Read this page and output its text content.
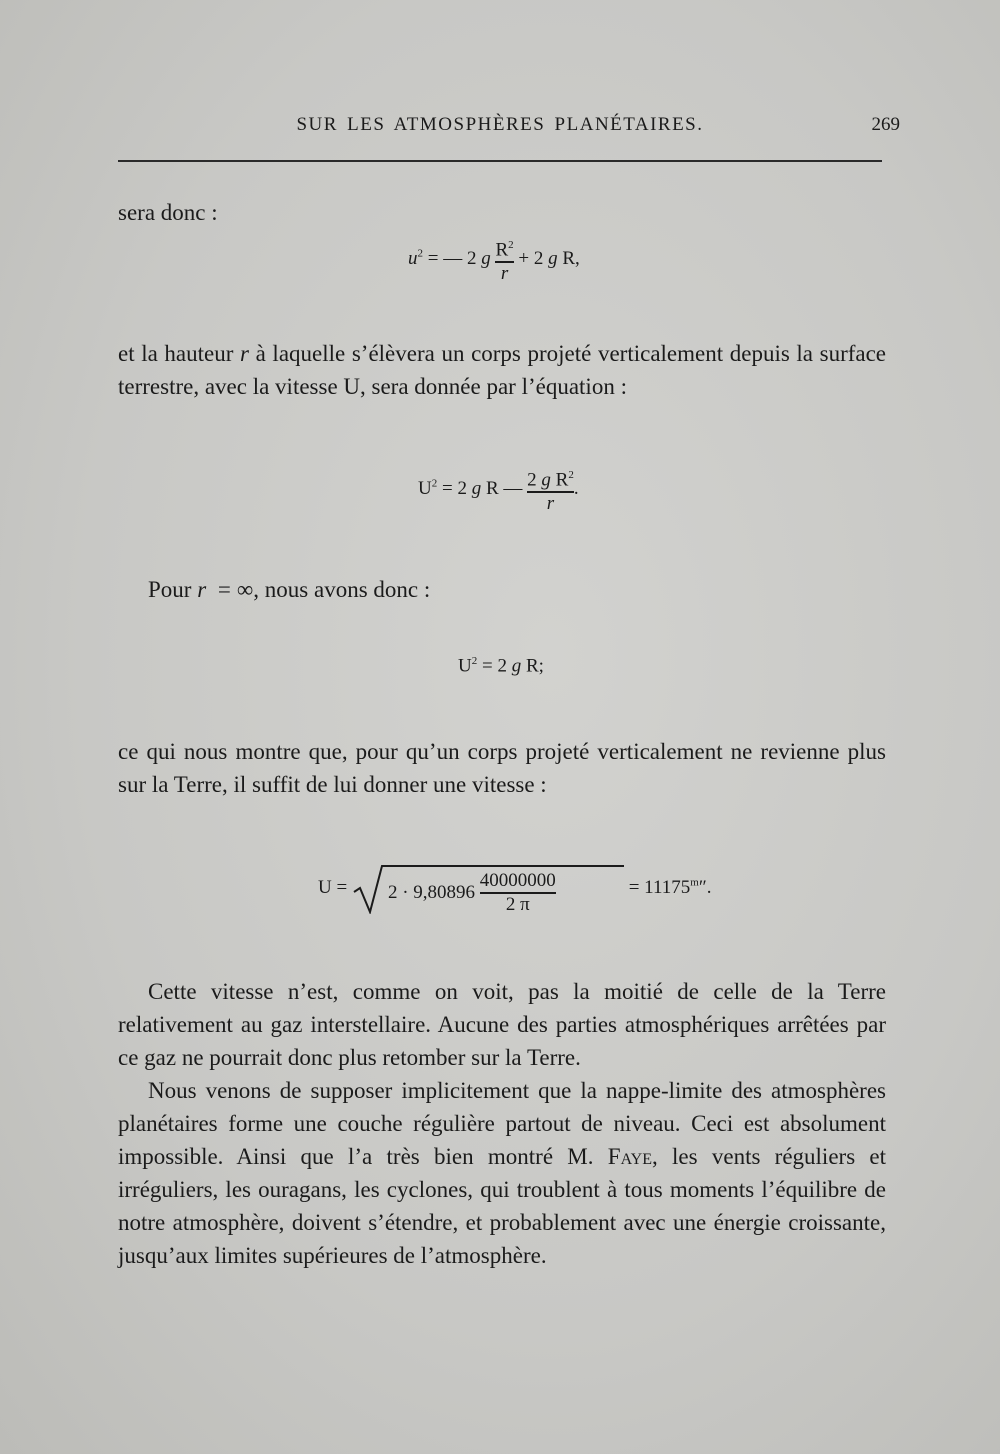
SUR LES ATMOSPHÈRES PLANÉTAIRES.	269
sera donc :
$u^2$ = — 2 g $\frac{R^2}{r} + 2$ g R,
et la hauteur r à laquelle s’élèvera un corps projeté verticalement depuis la surface terrestre, avec la vitesse U, sera donnée par l’équation :
$U^2 = 2$ g R — $\frac{2 g R^2}{r}$ .
Pour r = ∞, nous avons donc :
$U^2 = 2$ g R;
ce qui nous montre que, pour qu’un corps projeté verticalement ne revienne plus sur la Terre, il suffit de lui donner une vitesse :
$U = 2 \cdot 9,80896 \frac{40000000}{2 \pi}$	= $11175^m''$.
Cette vitesse n’est, comme on voit, pas la moitié de celle de la Terre relativement au gaz interstellaire. Aucune des parties atmosphériques arrêtées par ce gaz ne pourrait donc plus retomber sur la Terre.
Nous venons de supposer implicitement que la nappe-limite des atmosphères planétaires forme une couche régulière partout de niveau. Ceci est absolument impossible. Ainsi que l’a très bien montré M. Faye, les vents réguliers et irréguliers, les ouragans, les cyclones, qui troublent à tous moments l’équilibre de notre atmosphère, doivent s’étendre, et probablement avec une énergie croissante, jusqu’aux limites supérieures de l’atmosphère.
